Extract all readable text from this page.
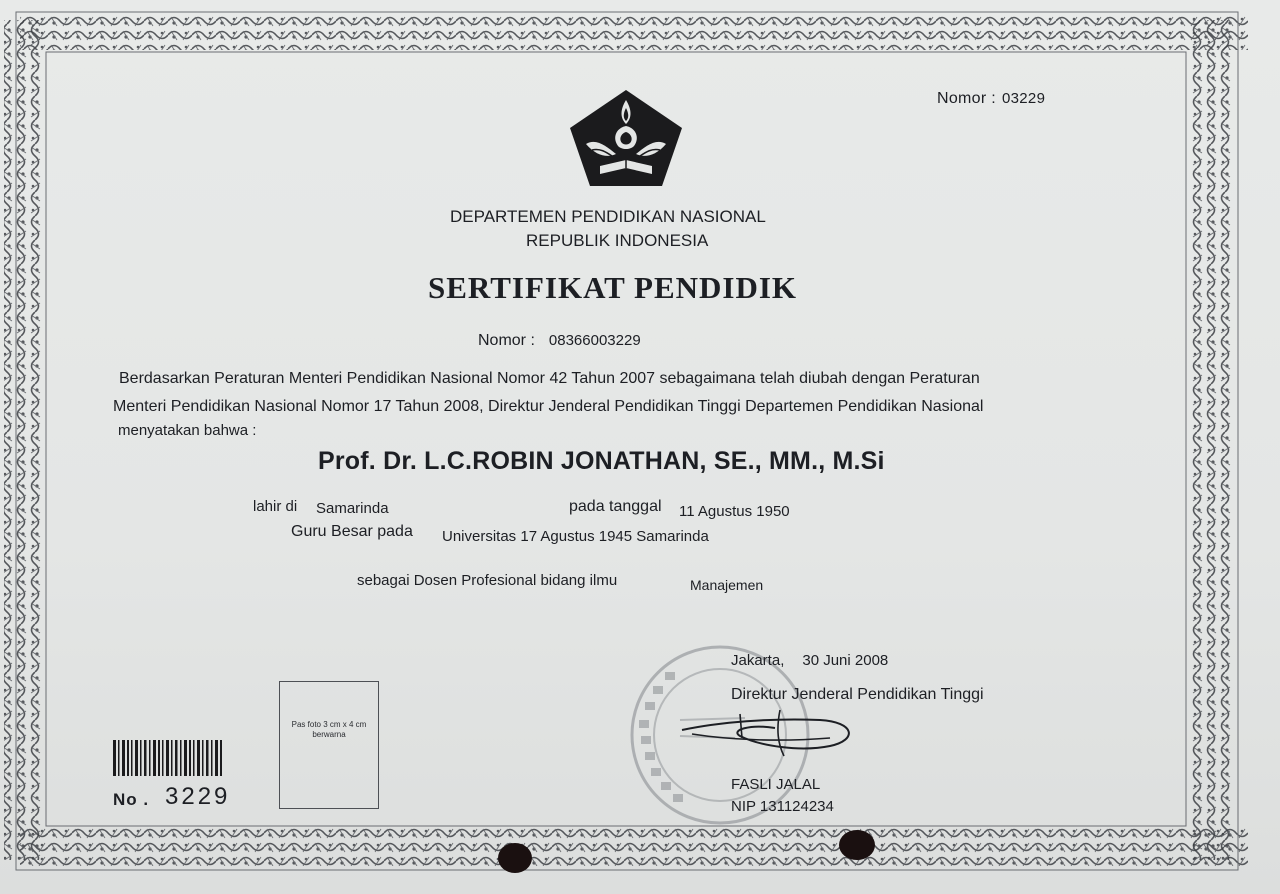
Nomor : 03229
DEPARTEMEN PENDIDIKAN NASIONAL
REPUBLIK INDONESIA
SERTIFIKAT PENDIDIK
Nomor : 08366003229
Berdasarkan Peraturan Menteri Pendidikan Nasional Nomor 42 Tahun 2007 sebagaimana telah diubah dengan Peraturan
Menteri Pendidikan Nasional Nomor 17 Tahun 2008, Direktur Jenderal Pendidikan Tinggi Departemen Pendidikan Nasional
menyatakan bahwa :
Prof. Dr. L.C.ROBIN JONATHAN, SE., MM., M.Si
lahir di Samarinda	pada tanggal 11 Agustus 1950
Guru Besar pada Universitas 17 Agustus 1945 Samarinda
sebagai Dosen Profesional bidang ilmu	Manajemen
No . 3229
Pas foto 3 cm x 4 cm berwarna
Jakarta, 30 Juni 2008
Direktur Jenderal Pendidikan Tinggi
FASLI JALAL
NIP 131124234
